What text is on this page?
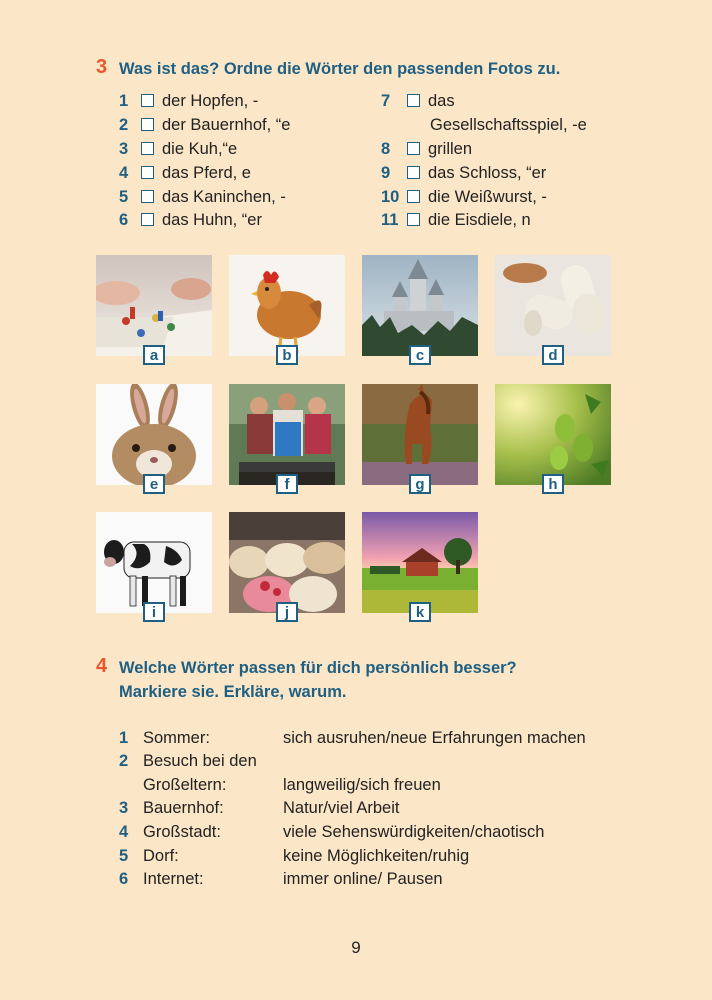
3 Was ist das? Ordne die Wörter den passenden Fotos zu.
1 der Hopfen, -
2 der Bauernhof, “e
3 die Kuh,“e
4 das Pferd, e
5 das Kaninchen, -
6 das Huhn, “er
7 das
Gesellschaftsspiel, -e
8 grillen
9 das Schloss, “er
10 die Weißwurst, -
11 die Eisdiele, n
a	b	c	d
e	f	g	h
i	j	k
4 Welche Wörter passen für dich persönlich besser?
Markiere sie. Erkläre, warum.
1 Sommer:	sich ausruhen/neue Erfahrungen machen
2 Besuch bei den
Großeltern:	langweilig/sich freuen
3 Bauernhof:	Natur/viel Arbeit
4 Großstadt:	viele Sehenswürdigkeiten/chaotisch
5 Dorf:	keine Möglichkeiten/ruhig
6 Internet:	immer online/ Pausen
9
